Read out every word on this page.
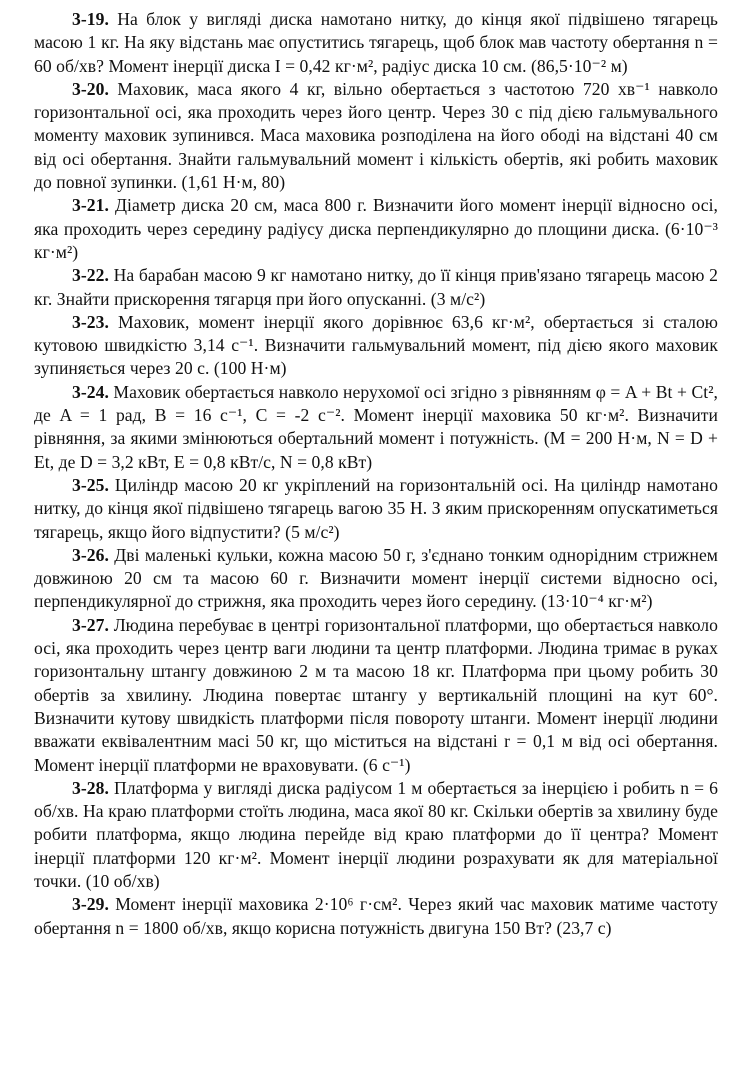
3-19. На блок у вигляді диска намотано нитку, до кінця якої підвішено тягарець масою 1 кг. На яку відстань має опуститись тягарець, щоб блок мав частоту обертання n = 60 об/хв? Момент інерції диска I = 0,42 кг·м², радіус диска 10 см. (86,5·10⁻² м)

3-20. Маховик, маса якого 4 кг, вільно обертається з частотою 720 хв⁻¹ навколо горизонтальної осі, яка проходить через його центр. Через 30 с під дією гальмувального моменту маховик зупинився. Маса маховика розподілена на його ободі на відстані 40 см від осі обертання. Знайти гальмувальний момент і кількість обертів, які робить маховик до повної зупинки. (1,61 Н·м, 80)

3-21. Діаметр диска 20 см, маса 800 г. Визначити його момент інерції відносно осі, яка проходить через середину радіусу диска перпендикулярно до площини диска. (6·10⁻³ кг·м²)

3-22. На барабан масою 9 кг намотано нитку, до її кінця прив'язано тягарець масою 2 кг. Знайти прискорення тягарця при його опусканні. (3 м/с²)

3-23. Маховик, момент інерції якого дорівнює 63,6 кг·м², обертається зі сталою кутовою швидкістю 3,14 с⁻¹. Визначити гальмувальний момент, під дією якого маховик зупиняється через 20 с. (100 Н·м)

3-24. Маховик обертається навколо нерухомої осі згідно з рівнянням φ = A + Bt + Ct², де A = 1 рад, B = 16 с⁻¹, C = -2 с⁻². Момент інерції маховика 50 кг·м². Визначити рівняння, за якими змінюються обертальний момент і потужність. (M = 200 Н·м, N = D + Et, де D = 3,2 кВт, E = 0,8 кВт/с, N = 0,8 кВт)

3-25. Циліндр масою 20 кг укріплений на горизонтальній осі. На циліндр намотано нитку, до кінця якої підвішено тягарець вагою 35 Н. З яким прискоренням опускатиметься тягарець, якщо його відпустити? (5 м/с²)

3-26. Дві маленькі кульки, кожна масою 50 г, з'єднано тонким однорідним стрижнем довжиною 20 см та масою 60 г. Визначити момент інерції системи відносно осі, перпендикулярної до стрижня, яка проходить через його середину. (13·10⁻⁴ кг·м²)

3-27. Людина перебуває в центрі горизонтальної платформи, що обертається навколо осі, яка проходить через центр ваги людини та центр платформи. Людина тримає в руках горизонтальну штангу довжиною 2 м та масою 18 кг. Платформа при цьому робить 30 обертів за хвилину. Людина повертає штангу у вертикальній площині на кут 60°. Визначити кутову швидкість платформи після повороту штанги. Момент інерції людини вважати еквівалентним масі 50 кг, що міститься на відстані r = 0,1 м від осі обертання. Момент інерції платформи не враховувати. (6 с⁻¹)

3-28. Платформа у вигляді диска радіусом 1 м обертається за інерцією і робить n = 6 об/хв. На краю платформи стоїть людина, маса якої 80 кг. Скільки обертів за хвилину буде робити платформа, якщо людина перейде від краю платформи до її центра? Момент інерції платформи 120 кг·м². Момент інерції людини розрахувати як для матеріальної точки. (10 об/хв)

3-29. Момент інерції маховика 2·10⁶ г·см². Через який час маховик матиме частоту обертання n = 1800 об/хв, якщо корисна потужність двигуна 150 Вт? (23,7 с)
